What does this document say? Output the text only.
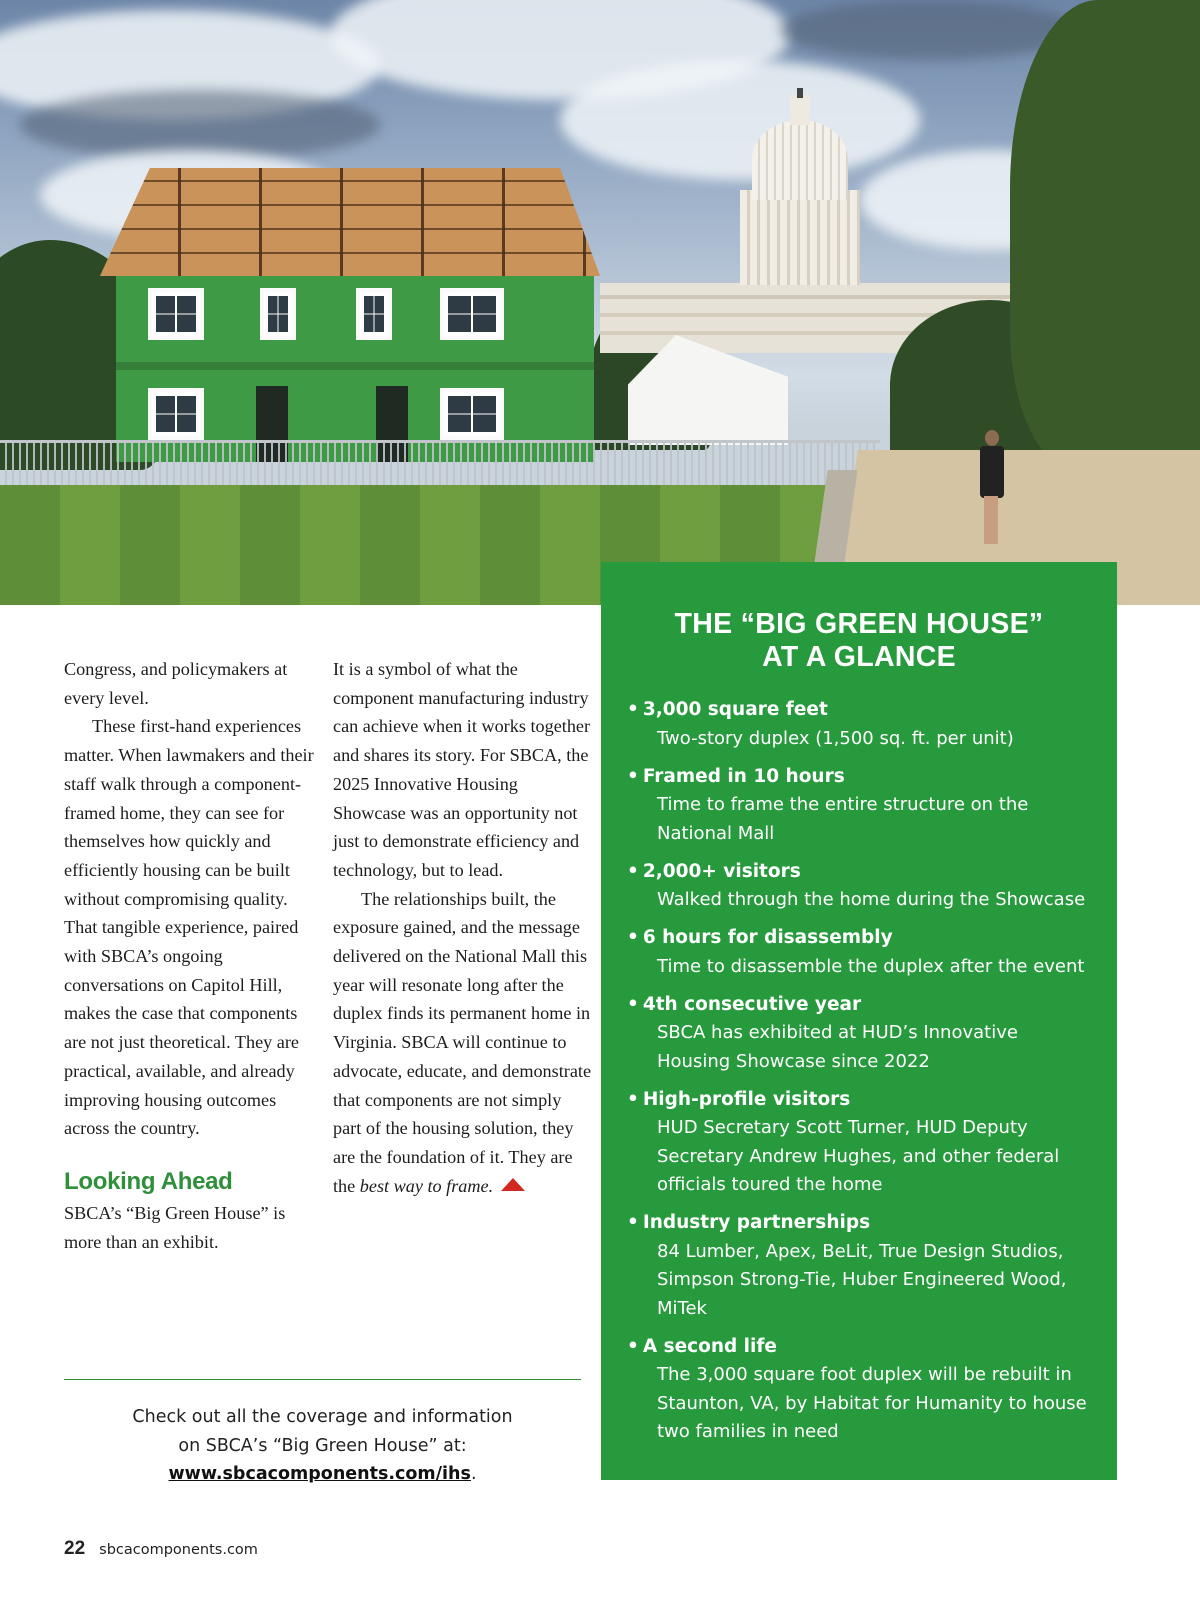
Congress, and policymakers at every level.

These first-hand experiences matter. When lawmakers and their staff walk through a component-framed home, they can see for themselves how quickly and efficiently housing can be built without compromising quality. That tangible experience, paired with SBCA’s ongoing conversations on Capitol Hill, makes the case that components are not just theoretical. They are practical, available, and already improving housing outcomes across the country.

Looking Ahead

SBCA’s “Big Green House” is more than an exhibit.

It is a symbol of what the component manufacturing industry can achieve when it works together and shares its story. For SBCA, the 2025 Innovative Housing Showcase was an opportunity not just to demonstrate efficiency and technology, but to lead.

The relationships built, the exposure gained, and the message delivered on the National Mall this year will resonate long after the duplex finds its permanent home in Virginia. SBCA will continue to advocate, educate, and demonstrate that components are not simply part of the housing solution, they are the foundation of it. They are the best way to frame.

Check out all the coverage and information
on SBCA’s “Big Green House” at:
www.sbcacomponents.com/ihs.
THE “BIG GREEN HOUSE”
AT A GLANCE
• 3,000 square feet
Two-story duplex (1,500 sq. ft. per unit)
• Framed in 10 hours
Time to frame the entire structure on the National Mall
• 2,000+ visitors
Walked through the home during the Showcase
• 6 hours for disassembly
Time to disassemble the duplex after the event
• 4th consecutive year
SBCA has exhibited at HUD’s Innovative Housing Showcase since 2022
• High-profile visitors
HUD Secretary Scott Turner, HUD Deputy Secretary Andrew Hughes, and other federal officials toured the home
• Industry partnerships
84 Lumber, Apex, BeLit, True Design Studios, Simpson Strong-Tie, Huber Engineered Wood, MiTek
• A second life
The 3,000 square foot duplex will be rebuilt in Staunton, VA, by Habitat for Humanity to house two families in need
22 sbcacomponents.com
